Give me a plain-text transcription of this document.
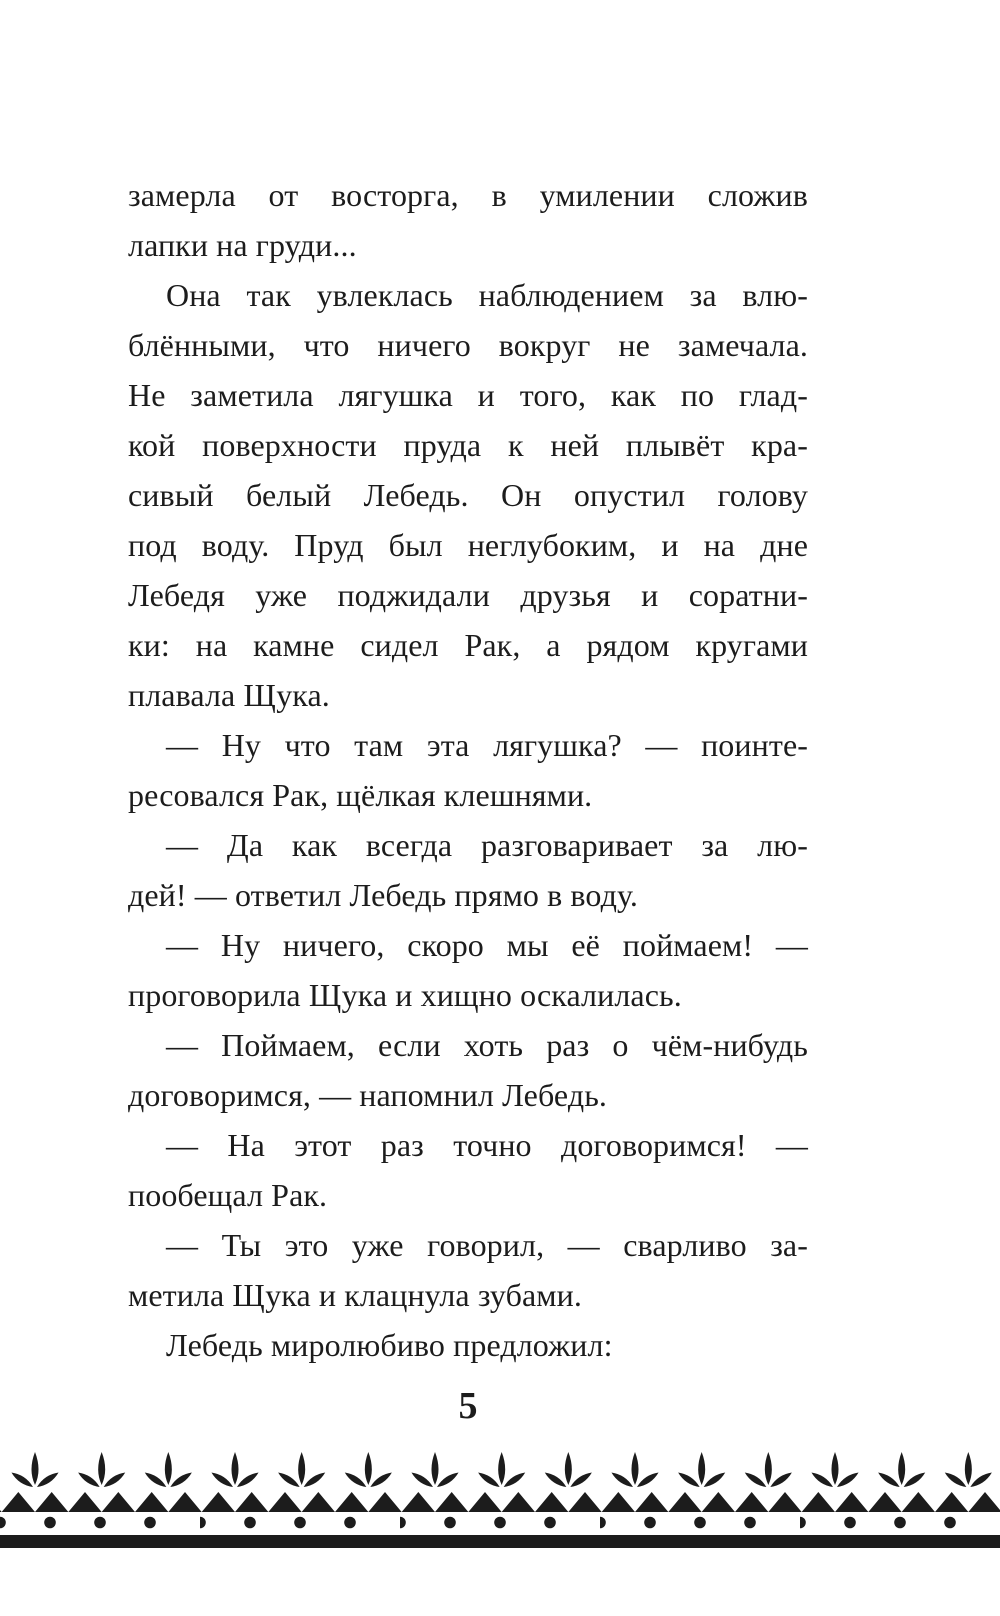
замерла от восторга, в умилении сложив
лапки на груди...
Она так увлеклась наблюдением за влю-
блёнными, что ничего вокруг не замечала.
Не заметила лягушка и того, как по глад-
кой поверхности пруда к ней плывёт кра-
сивый белый Лебедь. Он опустил голову
под воду. Пруд был неглубоким, и на дне
Лебедя уже поджидали друзья и соратни-
ки: на камне сидел Рак, а рядом кругами
плавала Щука.
— Ну что там эта лягушка? — поинте-
ресовался Рак, щёлкая клешнями.
— Да как всегда разговаривает за лю-
дей! — ответил Лебедь прямо в воду.
— Ну ничего, скоро мы её поймаем! —
проговорила Щука и хищно оскалилась.
— Поймаем, если хоть раз о чём-нибудь
договоримся, — напомнил Лебедь.
— На этот раз точно договоримся! —
пообещал Рак.
— Ты это уже говорил, — сварливо за-
метила Щука и клацнула зубами.
Лебедь миролюбиво предложил:
5
